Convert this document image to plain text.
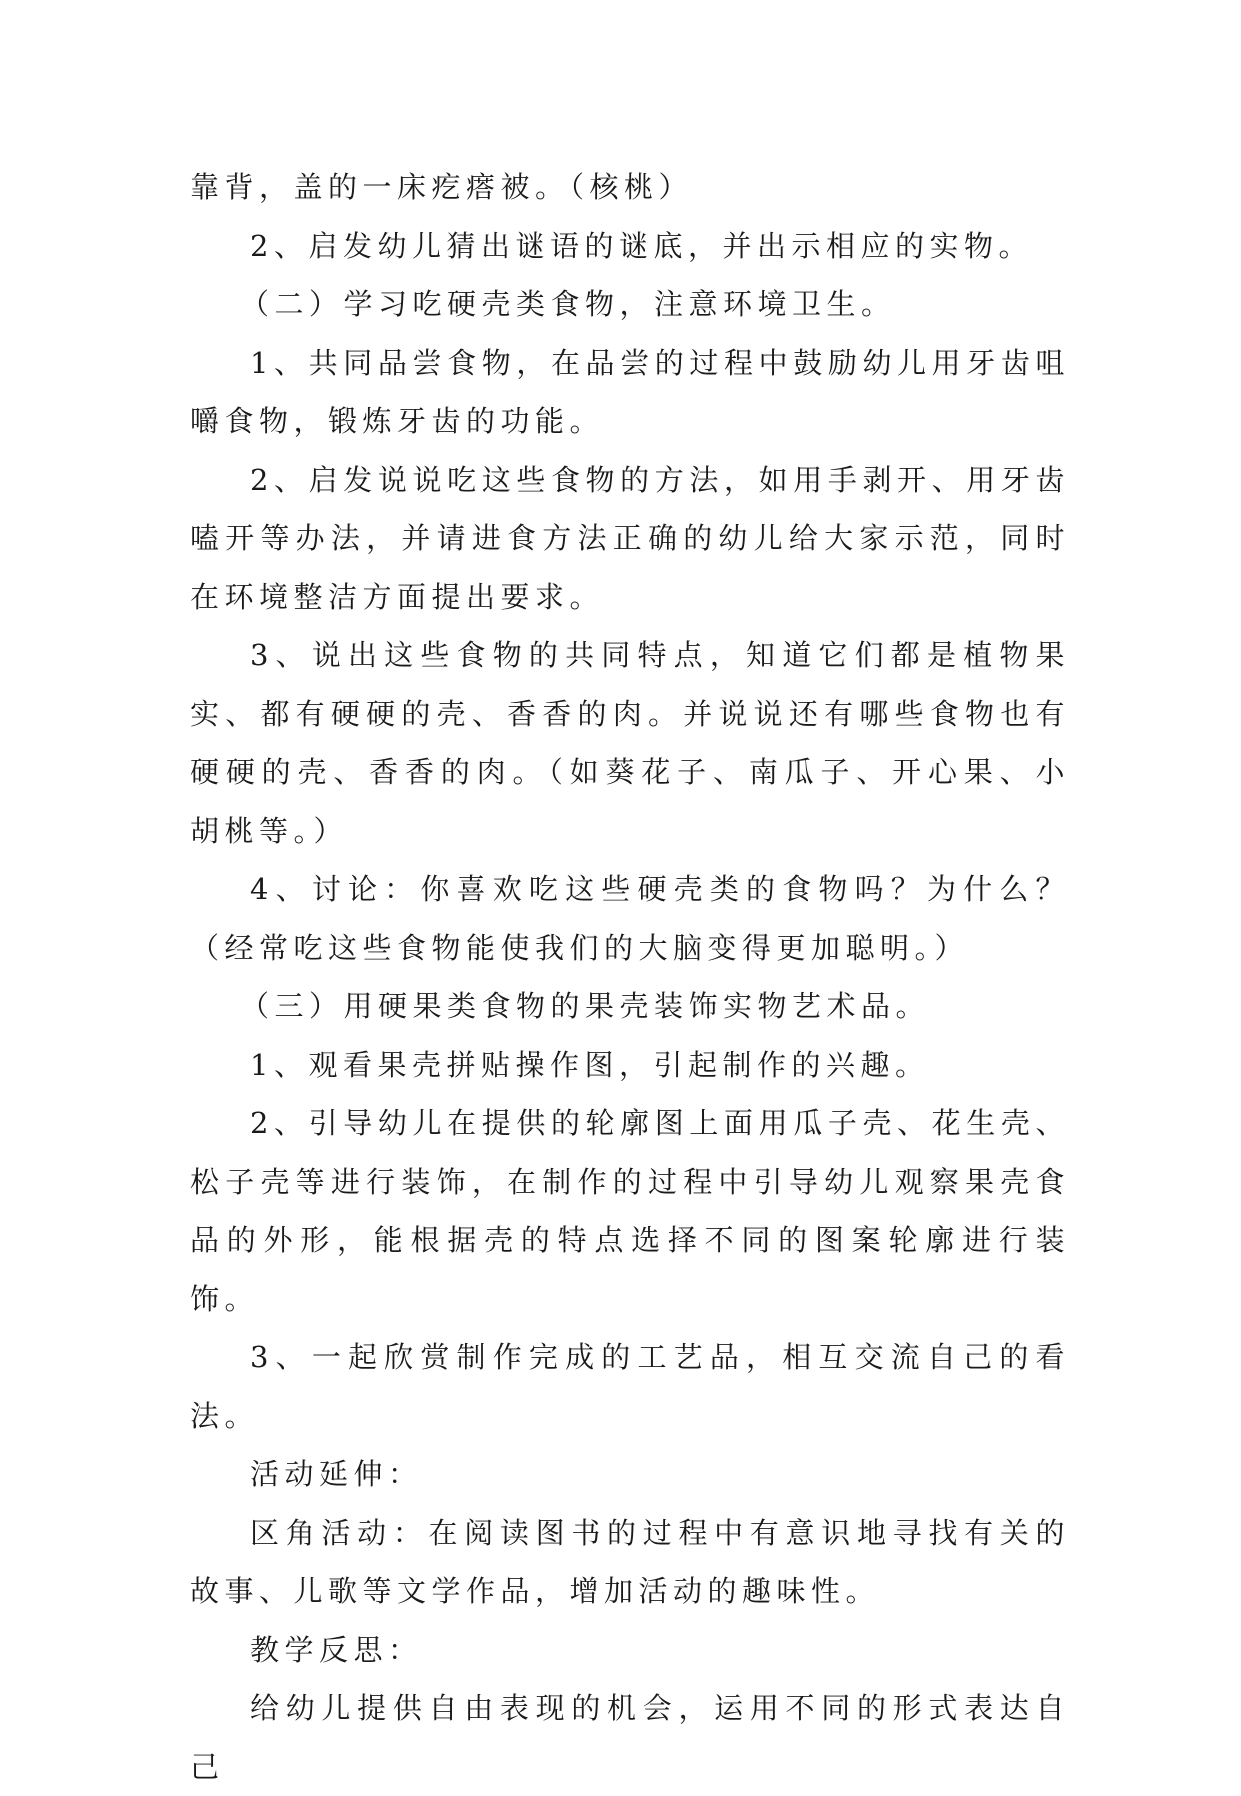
靠背，盖的一床疙瘩被。（核桃）

2、启发幼儿猜出谜语的谜底，并出示相应的实物。

（二）学习吃硬壳类食物，注意环境卫生。

1、共同品尝食物，在品尝的过程中鼓励幼儿用牙齿咀嚼食物，锻炼牙齿的功能。

2、启发说说吃这些食物的方法，如用手剥开、用牙齿嗑开等办法，并请进食方法正确的幼儿给大家示范，同时在环境整洁方面提出要求。

3、说出这些食物的共同特点，知道它们都是植物果实、都有硬硬的壳、香香的肉。并说说还有哪些食物也有硬硬的壳、香香的肉。（如葵花子、南瓜子、开心果、小胡桃等。）

4、讨论：你喜欢吃这些硬壳类的食物吗？为什么？（经常吃这些食物能使我们的大脑变得更加聪明。）

（三）用硬果类食物的果壳装饰实物艺术品。

1、观看果壳拼贴操作图，引起制作的兴趣。

2、引导幼儿在提供的轮廓图上面用瓜子壳、花生壳、松子壳等进行装饰，在制作的过程中引导幼儿观察果壳食品的外形，能根据壳的特点选择不同的图案轮廓进行装饰。

3、一起欣赏制作完成的工艺品，相互交流自己的看法。

活动延伸：

区角活动：在阅读图书的过程中有意识地寻找有关的故事、儿歌等文学作品，增加活动的趣味性。

教学反思：

给幼儿提供自由表现的机会，运用不同的形式表达自己
